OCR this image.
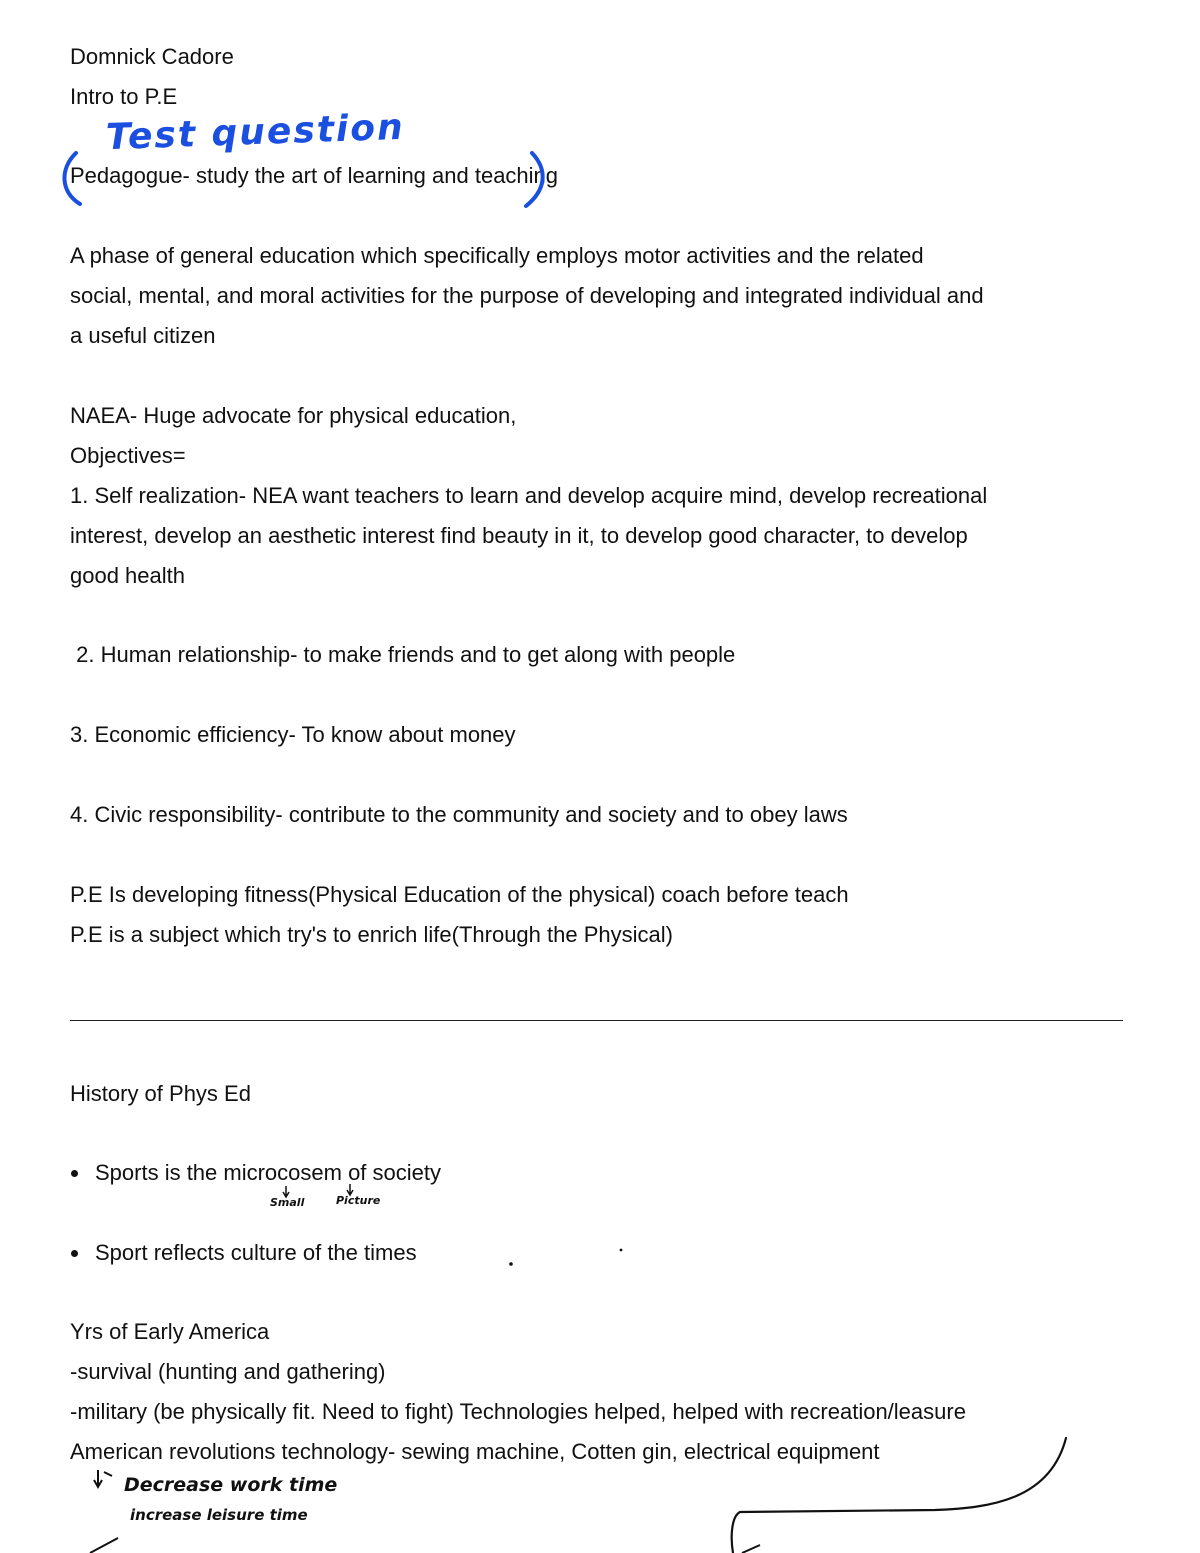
Domnick Cadore
Intro to P.E
Pedagogue- study the art of learning and teaching
A phase of general education which specifically employs motor activities and the related
social, mental, and moral activities for the purpose of developing and integrated individual and
a useful citizen
NAEA- Huge advocate for physical education,
Objectives=
1. Self realization- NEA want teachers to learn and develop acquire mind, develop recreational
interest, develop an aesthetic interest find beauty in it, to develop good character, to develop
good health
2. Human relationship- to make friends and to get along with people
3. Economic efficiency- To know about money
4. Civic responsibility- contribute to the community and society and to obey laws
P.E Is developing fitness(Physical Education of the physical) coach before teach
P.E is a subject which try's to enrich life(Through the Physical)
History of Phys Ed
Sports is the microcosem of society
Sport reflects culture of the times
Yrs of Early America
-survival (hunting and gathering)
-military (be physically fit. Need to fight) Technologies helped, helped with recreation/leasure
American revolutions technology- sewing machine, Cotten gin, electrical equipment
Test question
Small	Picture
Decrease work time
increase leisure time
